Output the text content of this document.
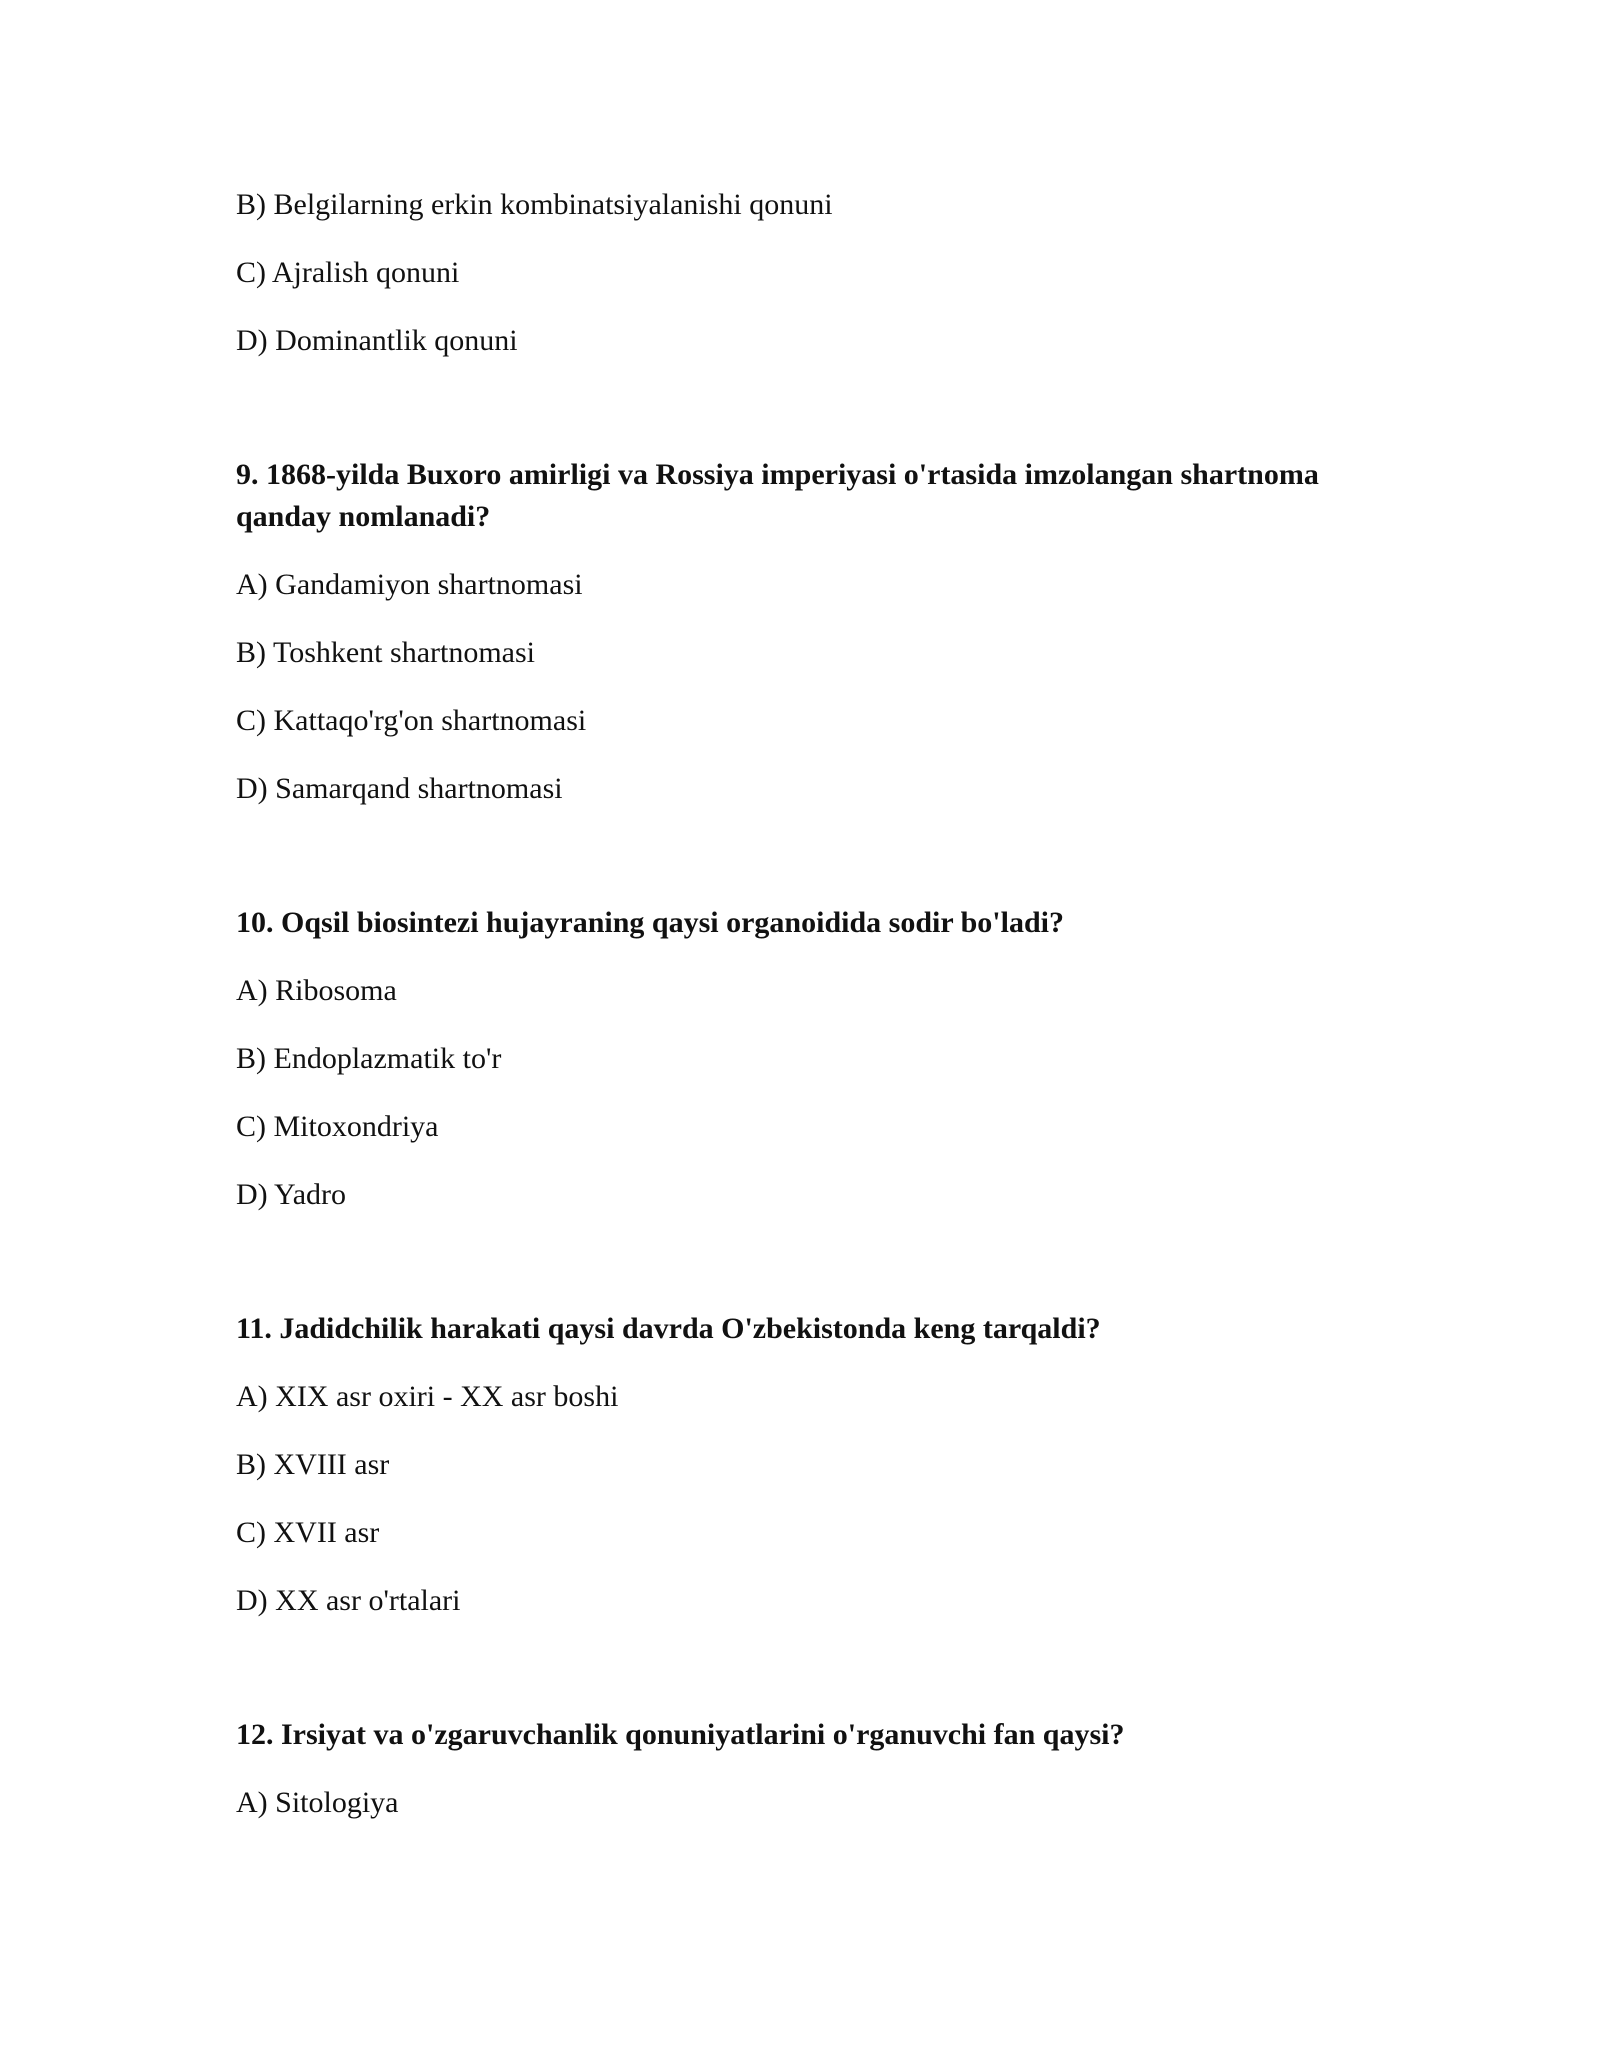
B) Belgilarning erkin kombinatsiyalanishi qonuni

C) Ajralish qonuni

D) Dominantlik qonuni

9. 1868-yilda Buxoro amirligi va Rossiya imperiyasi o'rtasida imzolangan shartnoma qanday nomlanadi?

A) Gandamiyon shartnomasi

B) Toshkent shartnomasi

C) Kattaqo'rg'on shartnomasi

D) Samarqand shartnomasi

10. Oqsil biosintezi hujayraning qaysi organoidida sodir bo'ladi?

A) Ribosoma

B) Endoplazmatik to'r

C) Mitoxondriya

D) Yadro

11. Jadidchilik harakati qaysi davrda O'zbekistonda keng tarqaldi?

A) XIX asr oxiri - XX asr boshi

B) XVIII asr

C) XVII asr

D) XX asr o'rtalari

12. Irsiyat va o'zgaruvchanlik qonuniyatlarini o'rganuvchi fan qaysi?

A) Sitologiya
